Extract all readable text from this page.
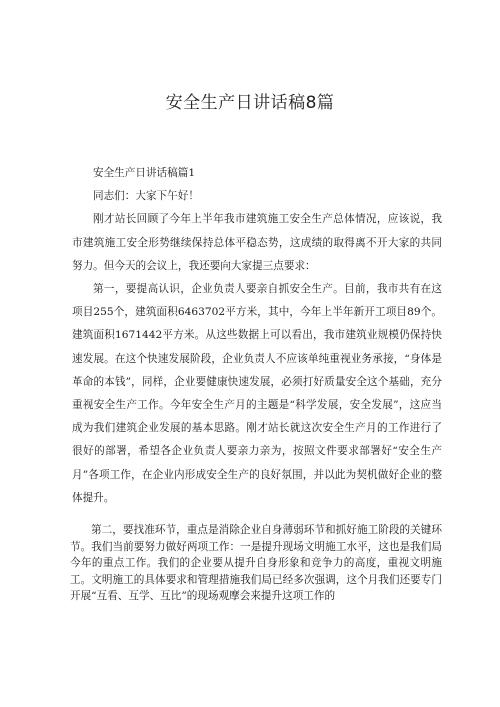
安全生产日讲话稿8篇

安全生产日讲话稿篇1

同志们：大家下午好！

刚才站长回顾了今年上半年我市建筑施工安全生产总体情况，应该说，我市建筑施工安全形势继续保持总体平稳态势，这成绩的取得离不开大家的共同努力。但今天的会议上，我还要向大家提三点要求：

第一，要提高认识，企业负责人要亲自抓安全生产。目前，我市共有在这项目255个，建筑面积6463702平方米，其中，今年上半年新开工项目89个。建筑面积1671442平方米。从这些数据上可以看出，我市建筑业规模仍保持快速发展。在这个快速发展阶段，企业负责人不应该单纯重视业务承接，“身体是革命的本钱”，同样，企业要健康快速发展，必须打好质量安全这个基础，充分重视安全生产工作。今年安全生产月的主题是“科学发展，安全发展”，这应当成为我们建筑企业发展的基本思路。刚才站长就这次安全生产月的工作进行了很好的部署，希望各企业负责人要亲力亲为，按照文件要求部署好“安全生产月”各项工作，在企业内形成安全生产的良好氛围，并以此为契机做好企业的整体提升。

第二，要找准环节，重点是消除企业自身薄弱环节和抓好施工阶段的关键环节。我们当前要努力做好两项工作：一是提升现场文明施工水平，这也是我们局今年的重点工作。我们的企业要从提升自身形象和竞争力的高度，重视文明施工。文明施工的具体要求和管理措施我们局已经多次强调，这个月我们还要专门开展“互看、互学、互比”的现场观摩会来提升这项工作的
